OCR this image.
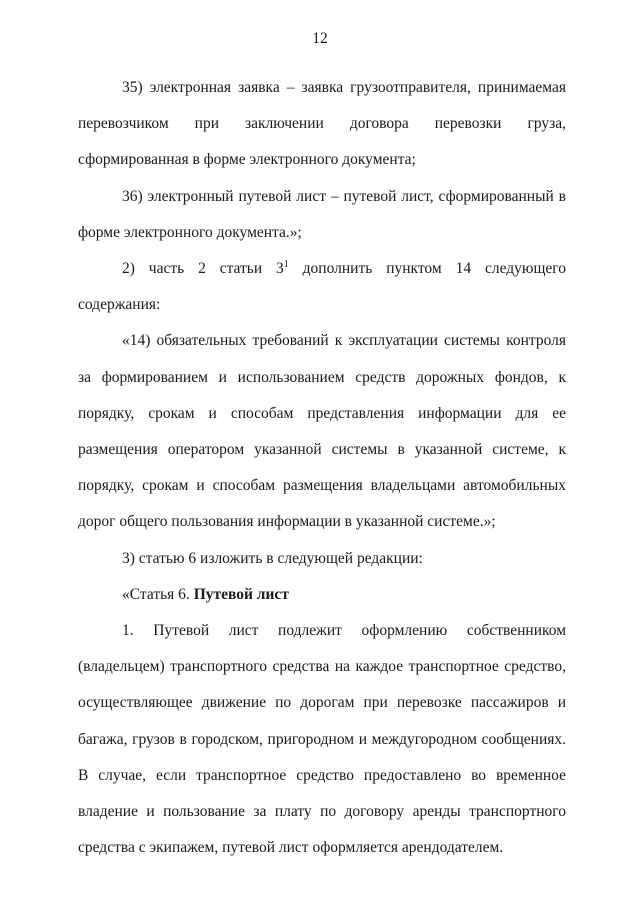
12

35) электронная заявка – заявка грузоотправителя, принимаемая перевозчиком при заключении договора перевозки груза, сформированная в форме электронного документа;

36) электронный путевой лист – путевой лист, сформированный в форме электронного документа.»;

2) часть 2 статьи $3^1$ дополнить пунктом 14 следующего содержания:

«14) обязательных требований к эксплуатации системы контроля за формированием и использованием средств дорожных фондов, к порядку, срокам и способам представления информации для ее размещения оператором указанной системы в указанной системе, к порядку, срокам и способам размещения владельцами автомобильных дорог общего пользования информации в указанной системе.»;

3) статью 6 изложить в следующей редакции:

«Статья 6. Путевой лист

1. Путевой лист подлежит оформлению собственником (владельцем) транспортного средства на каждое транспортное средство, осуществляющее движение по дорогам при перевозке пассажиров и багажа, грузов в городском, пригородном и междугородном сообщениях. В случае, если транспортное средство предоставлено во временное владение и пользование за плату по договору аренды транспортного средства с экипажем, путевой лист оформляется арендодателем.
